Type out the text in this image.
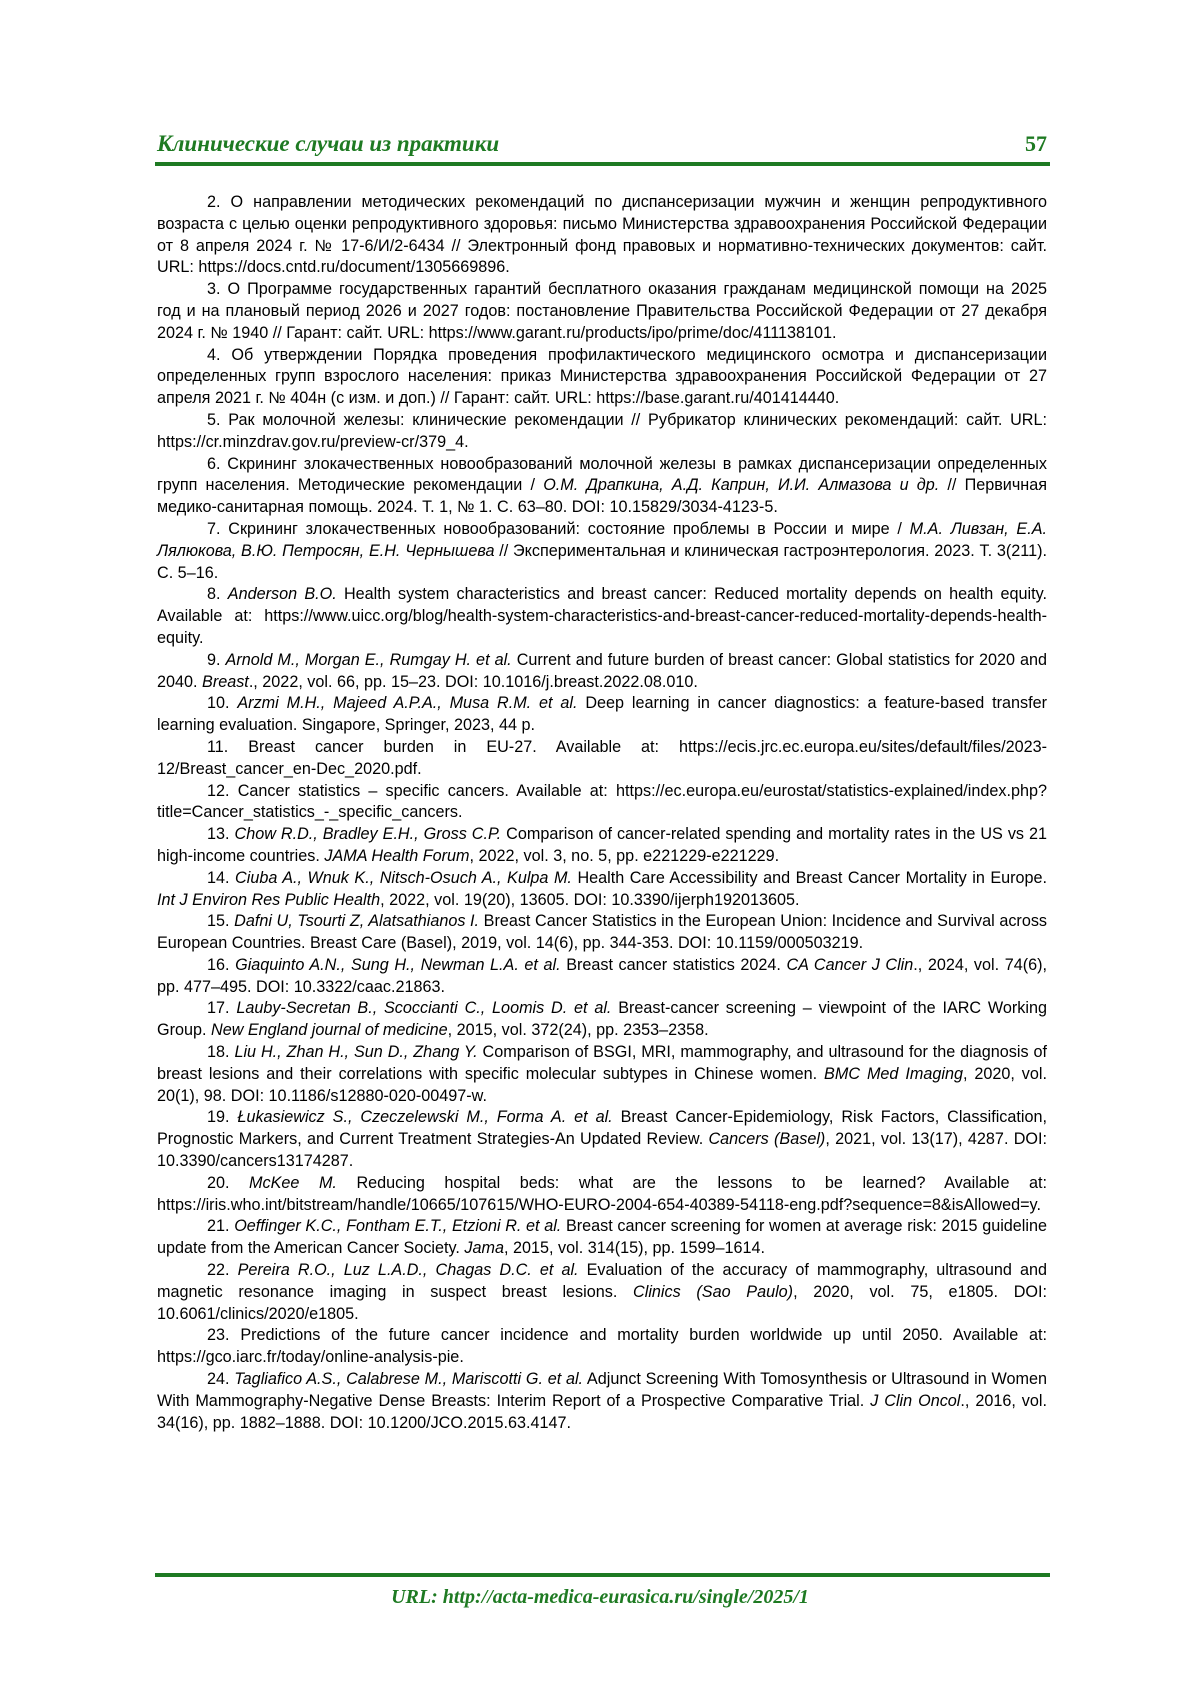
Клинические случаи из практики	57

2. О направлении методических рекомендаций по диспансеризации мужчин и женщин репродуктивного возраста с целью оценки репродуктивного здоровья: письмо Министерства здравоохранения Российской Федерации от 8 апреля 2024 г. № 17-6/И/2-6434 // Электронный фонд правовых и нормативно-технических документов: сайт. URL: https://docs.cntd.ru/document/1305669896.

3. О Программе государственных гарантий бесплатного оказания гражданам медицинской помощи на 2025 год и на плановый период 2026 и 2027 годов: постановление Правительства Российской Федерации от 27 декабря 2024 г. № 1940 // Гарант: сайт. URL: https://www.garant.ru/products/ipo/prime/doc/411138101.

4. Об утверждении Порядка проведения профилактического медицинского осмотра и диспансеризации определенных групп взрослого населения: приказ Министерства здравоохранения Российской Федерации от 27 апреля 2021 г. № 404н (с изм. и доп.) // Гарант: сайт. URL: https://base.garant.ru/401414440.

5. Рак молочной железы: клинические рекомендации // Рубрикатор клинических рекомендаций: сайт. URL: https://cr.minzdrav.gov.ru/preview-cr/379_4.

6. Скрининг злокачественных новообразований молочной железы в рамках диспансеризации определенных групп населения. Методические рекомендации / О.М. Драпкина, А.Д. Каприн, И.И. Алмазова и др. // Первичная медико-санитарная помощь. 2024. Т. 1, № 1. С. 63–80. DOI: 10.15829/3034-4123-5.

7. Скрининг злокачественных новообразований: состояние проблемы в России и мире / М.А. Ливзан, Е.А. Лялюкова, В.Ю. Петросян, Е.Н. Чернышева // Экспериментальная и клиническая гастроэнтерология. 2023. Т. 3(211). С. 5–16.

8. Anderson B.O. Health system characteristics and breast cancer: Reduced mortality depends on health equity. Available at: https://www.uicc.org/blog/health-system-characteristics-and-breast-cancer-reduced-mortality-depends-health-equity.

9. Arnold M., Morgan E., Rumgay H. et al. Current and future burden of breast cancer: Global statistics for 2020 and 2040. Breast., 2022, vol. 66, pp. 15–23. DOI: 10.1016/j.breast.2022.08.010.

10. Arzmi M.H., Majeed A.P.A., Musa R.M. et al. Deep learning in cancer diagnostics: a feature-based transfer learning evaluation. Singapore, Springer, 2023, 44 p.

11. Breast cancer burden in EU-27. Available at: https://ecis.jrc.ec.europa.eu/sites/default/files/2023-12/Breast_cancer_en-Dec_2020.pdf.

12. Cancer statistics – specific cancers. Available at: https://ec.europa.eu/eurostat/statistics-explained/index.php?title=Cancer_statistics_-_specific_cancers.

13. Chow R.D., Bradley E.H., Gross C.P. Comparison of cancer-related spending and mortality rates in the US vs 21 high-income countries. JAMA Health Forum, 2022, vol. 3, no. 5, pp. e221229-e221229.

14. Ciuba A., Wnuk K., Nitsch-Osuch A., Kulpa M. Health Care Accessibility and Breast Cancer Mortality in Europe. Int J Environ Res Public Health, 2022, vol. 19(20), 13605. DOI: 10.3390/ijerph192013605.

15. Dafni U, Tsourti Z, Alatsathianos I. Breast Cancer Statistics in the European Union: Incidence and Survival across European Countries. Breast Care (Basel), 2019, vol. 14(6), pp. 344-353. DOI: 10.1159/000503219.

16. Giaquinto A.N., Sung H., Newman L.A. et al. Breast cancer statistics 2024. CA Cancer J Clin., 2024, vol. 74(6), pp. 477–495. DOI: 10.3322/caac.21863.

17. Lauby-Secretan B., Scoccianti C., Loomis D. et al. Breast-cancer screening – viewpoint of the IARC Working Group. New England journal of medicine, 2015, vol. 372(24), pp. 2353–2358.

18. Liu H., Zhan H., Sun D., Zhang Y. Comparison of BSGI, MRI, mammography, and ultrasound for the diagnosis of breast lesions and their correlations with specific molecular subtypes in Chinese women. BMC Med Imaging, 2020, vol. 20(1), 98. DOI: 10.1186/s12880-020-00497-w.

19. Łukasiewicz S., Czeczelewski M., Forma A. et al. Breast Cancer-Epidemiology, Risk Factors, Classification, Prognostic Markers, and Current Treatment Strategies-An Updated Review. Cancers (Basel), 2021, vol. 13(17), 4287. DOI: 10.3390/cancers13174287.

20. McKee M. Reducing hospital beds: what are the lessons to be learned? Available at: https://iris.who.int/bitstream/handle/10665/107615/WHO-EURO-2004-654-40389-54118-eng.pdf?sequence=8&isAllowed=y.

21. Oeffinger K.C., Fontham E.T., Etzioni R. et al. Breast cancer screening for women at average risk: 2015 guideline update from the American Cancer Society. Jama, 2015, vol. 314(15), pp. 1599–1614.

22. Pereira R.O., Luz L.A.D., Chagas D.C. et al. Evaluation of the accuracy of mammography, ultrasound and magnetic resonance imaging in suspect breast lesions. Clinics (Sao Paulo), 2020, vol. 75, e1805. DOI: 10.6061/clinics/2020/e1805.

23. Predictions of the future cancer incidence and mortality burden worldwide up until 2050. Available at: https://gco.iarc.fr/today/online-analysis-pie.

24. Tagliafico A.S., Calabrese M., Mariscotti G. et al. Adjunct Screening With Tomosynthesis or Ultrasound in Women With Mammography-Negative Dense Breasts: Interim Report of a Prospective Comparative Trial. J Clin Oncol., 2016, vol. 34(16), pp. 1882–1888. DOI: 10.1200/JCO.2015.63.4147.

URL: http://acta-medica-eurasica.ru/single/2025/1
